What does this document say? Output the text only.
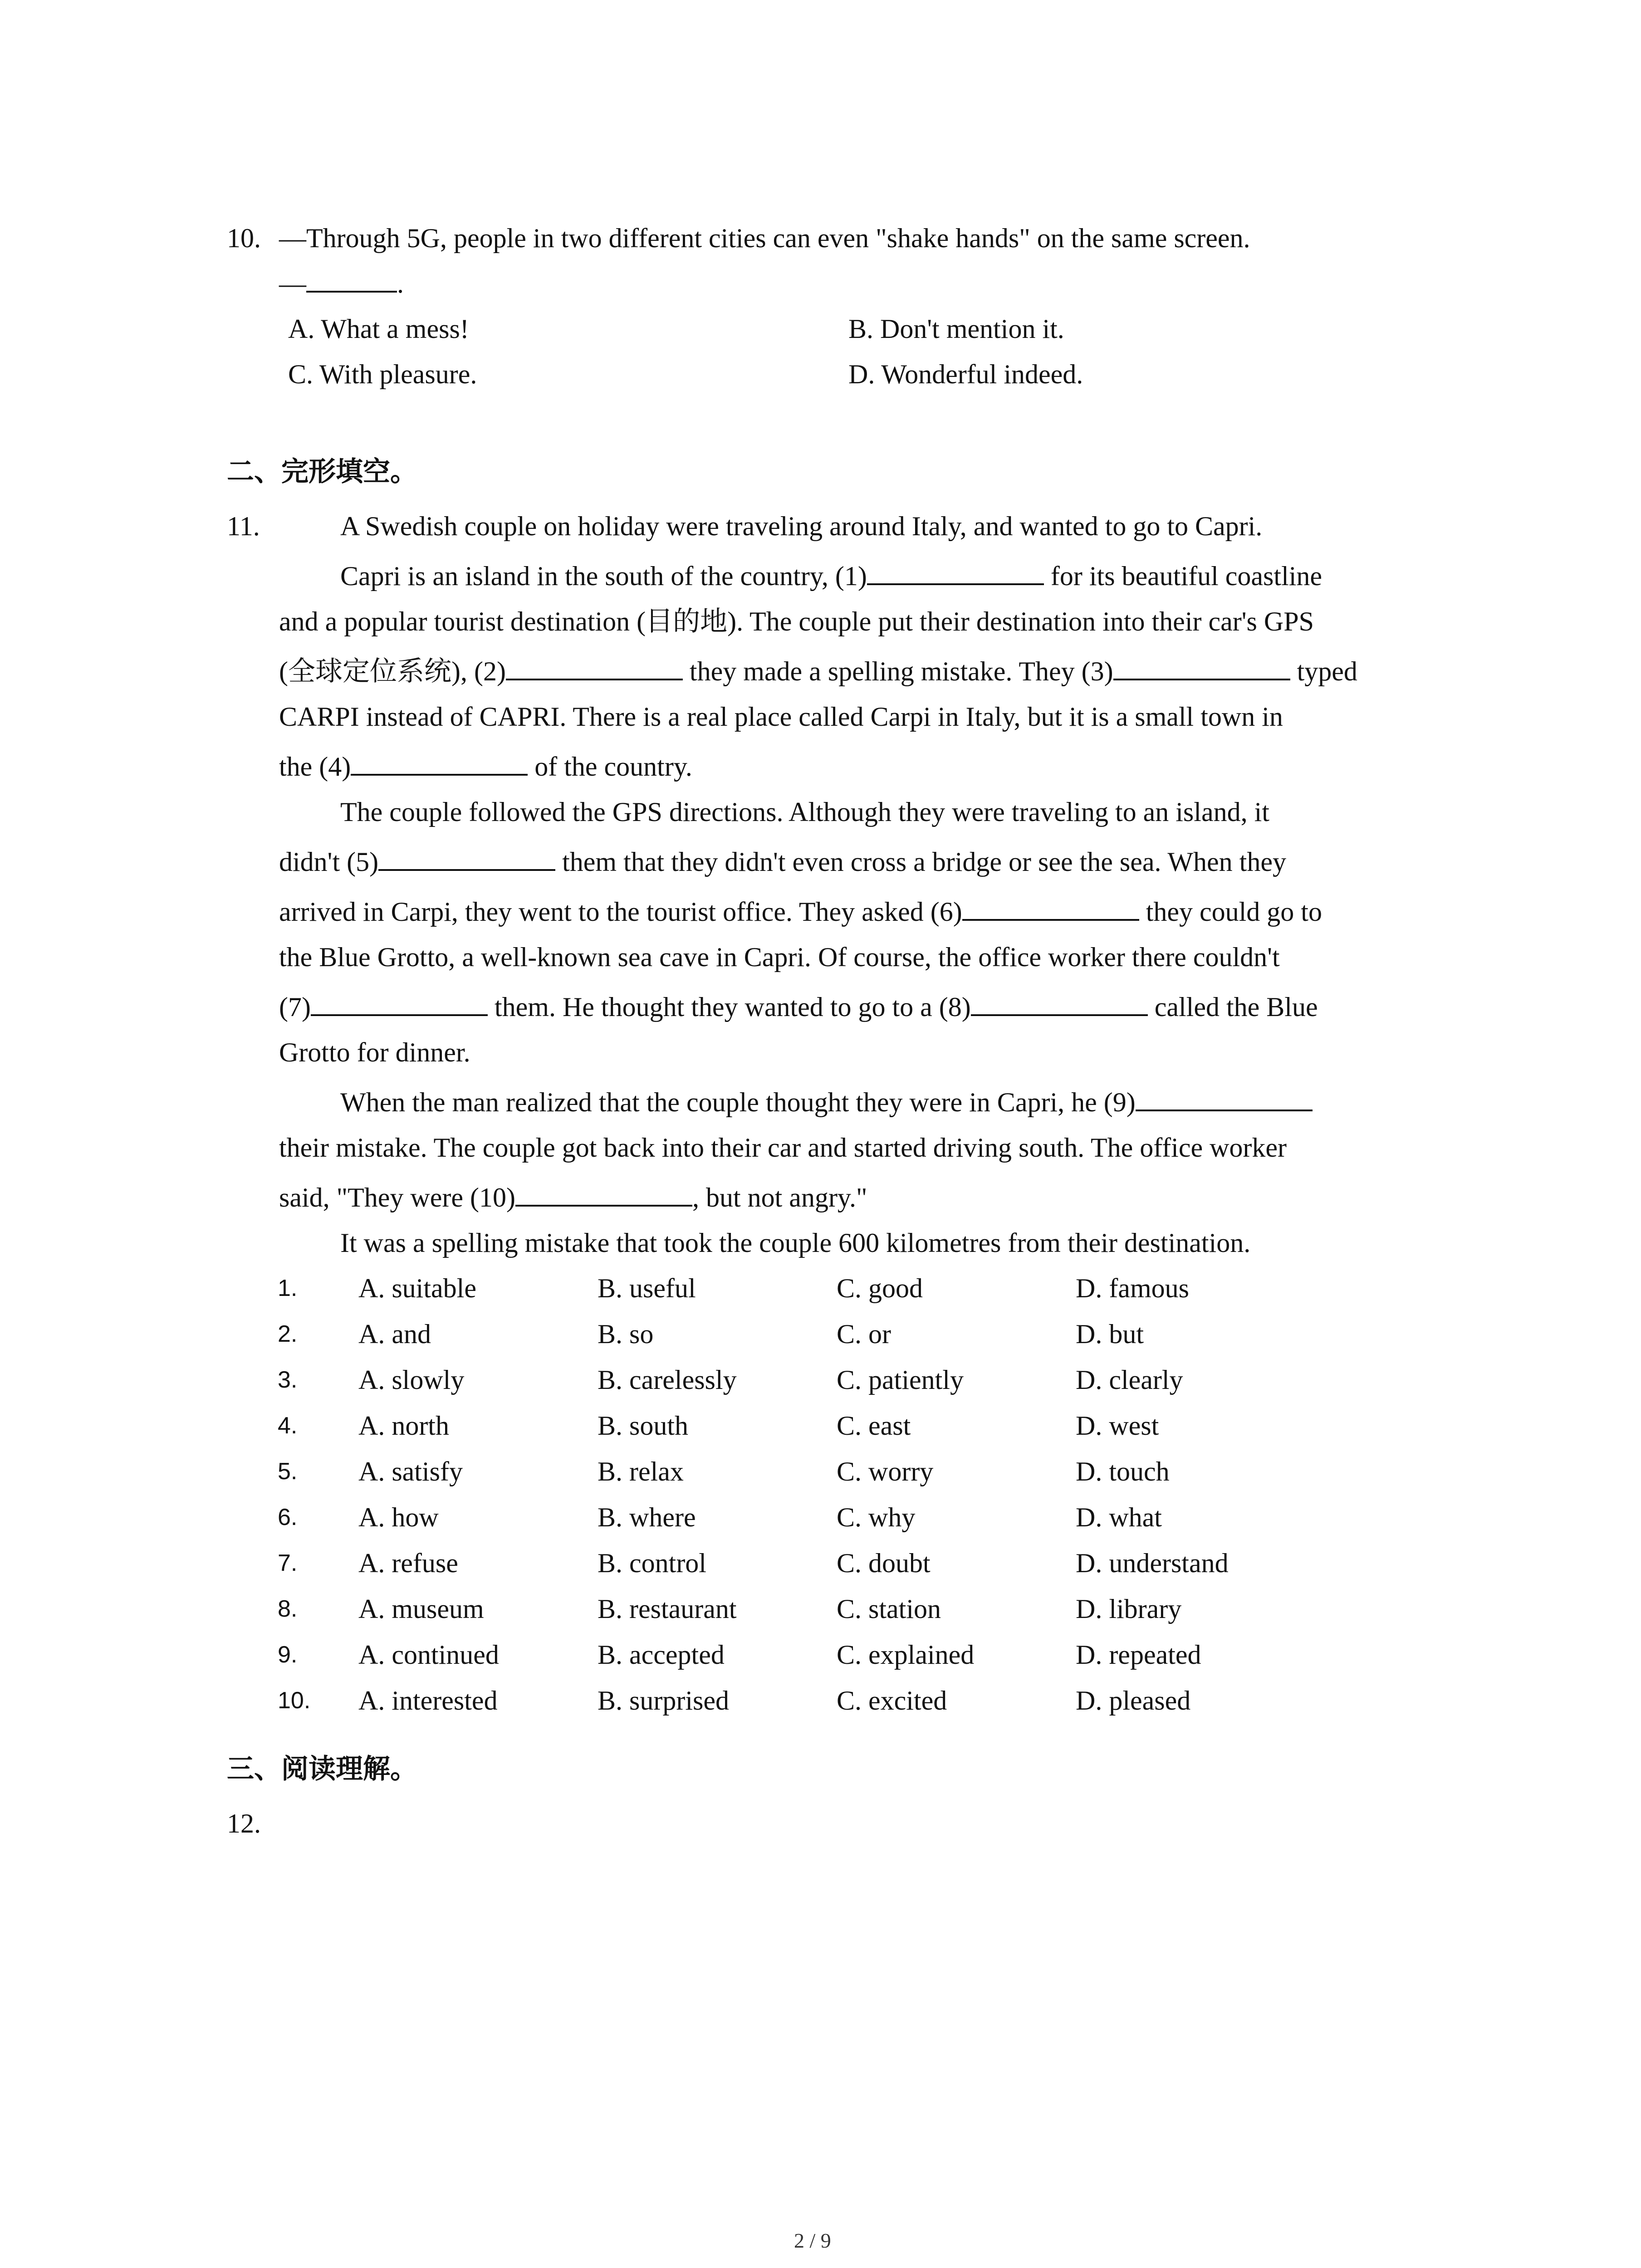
10. —Through 5G, people in two different cities can even "shake hands" on the same screen.
—	.
A. What a mess!	B. Don't mention it.
C. With pleasure.	D. Wonderful indeed.
二、完形填空。
11.	A Swedish couple on holiday were traveling around Italy, and wanted to go to Capri.
Capri is an island in the south of the country, (1)	for its beautiful coastline
and a popular tourist destination (目的地). The couple put their destination into their car's GPS
(全球定位系统), (2)	they made a spelling mistake. They (3)	typed
CARPI instead of CAPRI. There is a real place called Carpi in Italy, but it is a small town in
the (4)	of the country.
The couple followed the GPS directions. Although they were traveling to an island, it
didn't (5)	them that they didn't even cross a bridge or see the sea. When they
arrived in Carpi, they went to the tourist office. They asked (6)	they could go to
the Blue Grotto, a well-known sea cave in Capri. Of course, the office worker there couldn't
(7)	them. He thought they wanted to go to a (8)	called the Blue
Grotto for dinner.
When the man realized that the couple thought they were in Capri, he (9)
their mistake. The couple got back into their car and started driving south. The office worker
said, "They were (10)	, but not angry."
It was a spelling mistake that took the couple 600 kilometres from their destination.
1. A. suitable	B. useful	C. good	D. famous
2. A. and	B. so	C. or	D. but
3. A. slowly	B. carelessly	C. patiently	D. clearly
4. A. north	B. south	C. east	D. west
5. A. satisfy	B. relax	C. worry	D. touch
6. A. how	B. where	C. why	D. what
7. A. refuse	B. control	C. doubt	D. understand
8. A. museum	B. restaurant	C. station	D. library
9. A. continued	B. accepted	C. explained	D. repeated
10. A. interested	B. surprised	C. excited	D. pleased
三、阅读理解。
12.
2 / 9
